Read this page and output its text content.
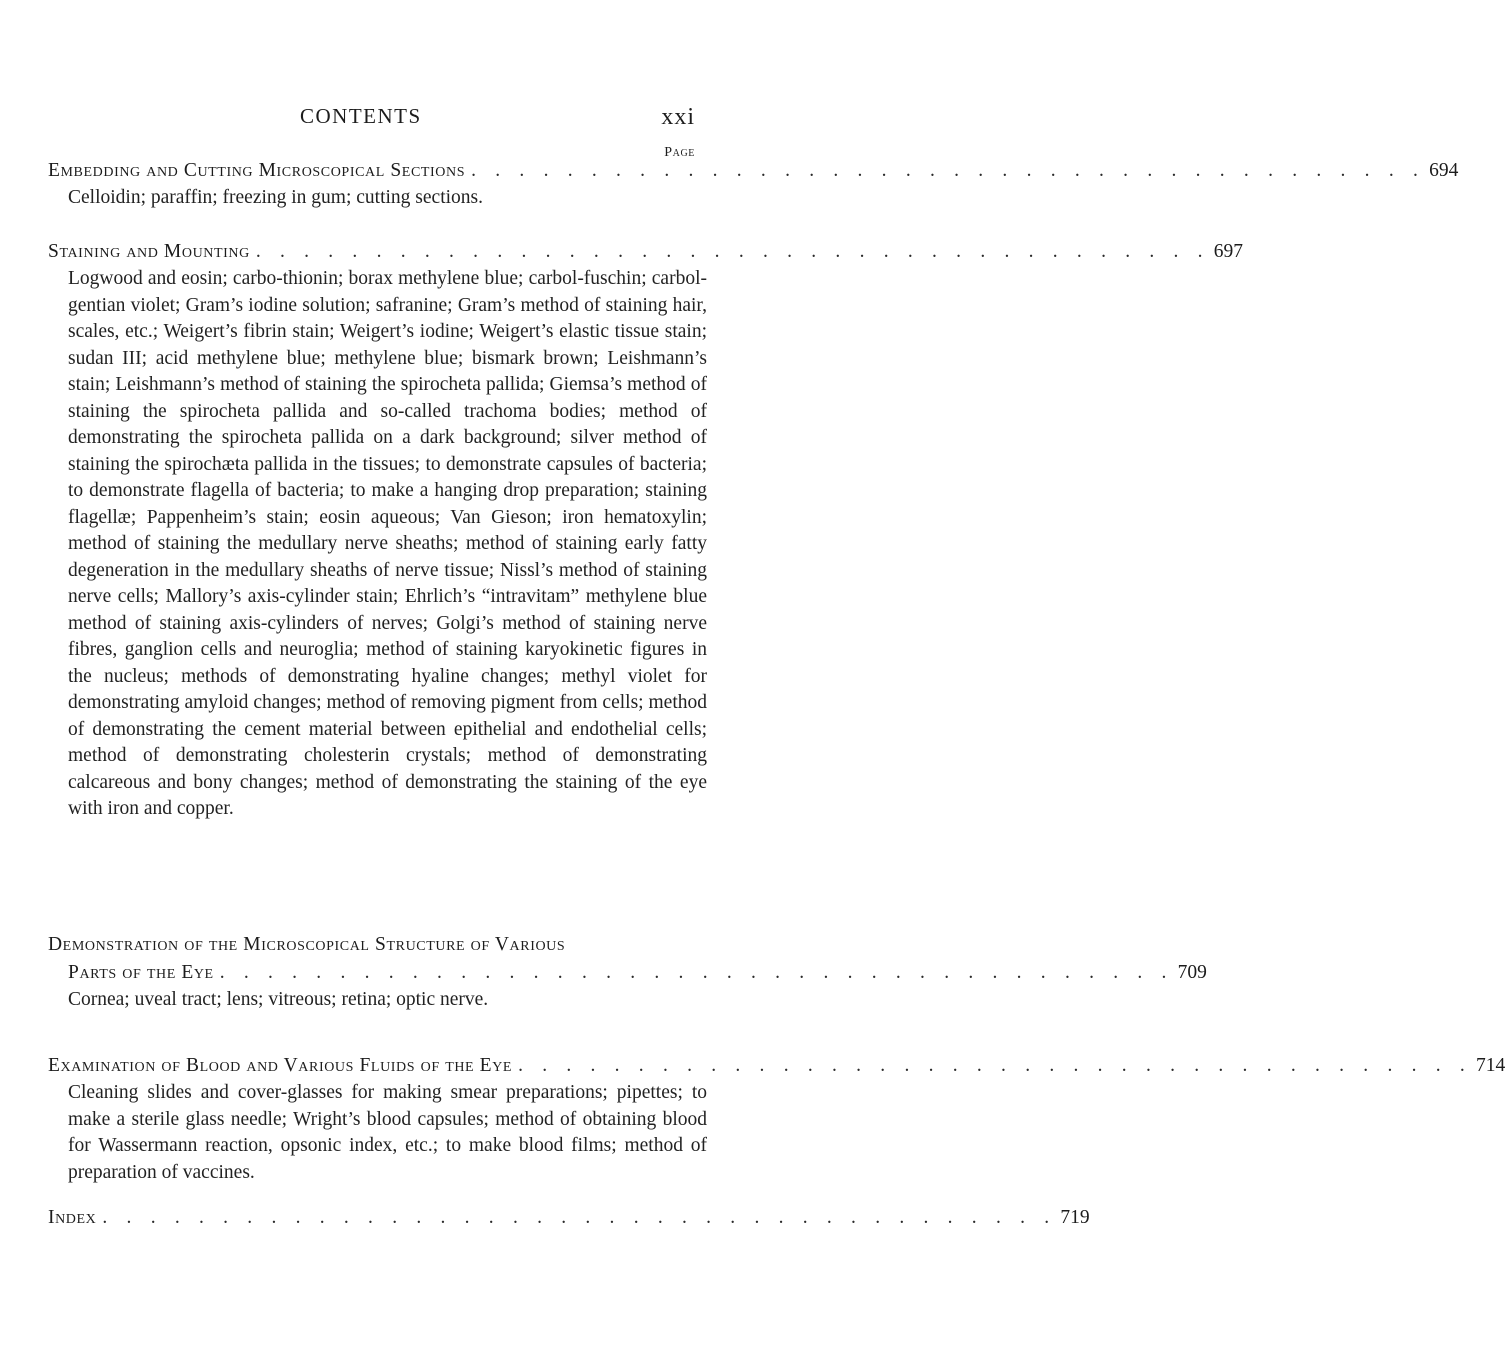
CONTENTS	xxi
Page
Embedding and Cutting Microscopical Sections . . . . . . . . . . . . . . . . . . . . . . . . . . . . . . . . . . . . . . . . 694

Celloidin; paraffin; freezing in gum; cutting sections.

Staining and Mounting . . . . . . . . . . . . . . . . . . . . . . . . . . . . . . . . . . . . . . . . 697

Logwood and eosin; carbo-thionin; borax methylene blue; carbol-fuschin; carbol-gentian violet; Gram’s iodine solution; safranine; Gram’s method of staining hair, scales, etc.; Weigert’s fibrin stain; Weigert’s iodine; Weigert’s elastic tissue stain; sudan III; acid methylene blue; methylene blue; bismark brown; Leishmann’s stain; Leishmann’s method of staining the spirocheta pallida; Giemsa’s method of staining the spirocheta pallida and so-called trachoma bodies; method of demonstrating the spirocheta pallida on a dark background; silver method of staining the spirochæta pallida in the tissues; to demonstrate capsules of bacteria; to demonstrate flagella of bacteria; to make a hanging drop preparation; staining flagellæ; Pappenheim’s stain; eosin aqueous; Van Gieson; iron hematoxylin; method of staining the medullary nerve sheaths; method of staining early fatty degeneration in the medullary sheaths of nerve tissue; Nissl’s method of staining nerve cells; Mallory’s axis-cylinder stain; Ehrlich’s “intravitam” methylene blue method of staining axis-cylinders of nerves; Golgi’s method of staining nerve fibres, ganglion cells and neuroglia; method of staining karyokinetic figures in the nucleus; methods of demonstrating hyaline changes; methyl violet for demonstrating amyloid changes; method of removing pigment from cells; method of demonstrating the cement material between epithelial and endothelial cells; method of demonstrating cholesterin crystals; method of demonstrating calcareous and bony changes; method of demonstrating the staining of the eye with iron and copper.

Demonstration of the Microscopical Structure of Various
Parts of the Eye . . . . . . . . . . . . . . . . . . . . . . . . . . . . . . . . . . . . . . . . 709

Cornea; uveal tract; lens; vitreous; retina; optic nerve.

Examination of Blood and Various Fluids of the Eye . . . . . . . . . . . . . . . . . . . . . . . . . . . . . . . . . . . . . . . . 714

Cleaning slides and cover-glasses for making smear preparations; pipettes; to make a sterile glass needle; Wright’s blood capsules; method of obtaining blood for Wassermann reaction, opsonic index, etc.; to make blood films; method of preparation of vaccines.

Index . . . . . . . . . . . . . . . . . . . . . . . . . . . . . . . . . . . . . . . . 719
